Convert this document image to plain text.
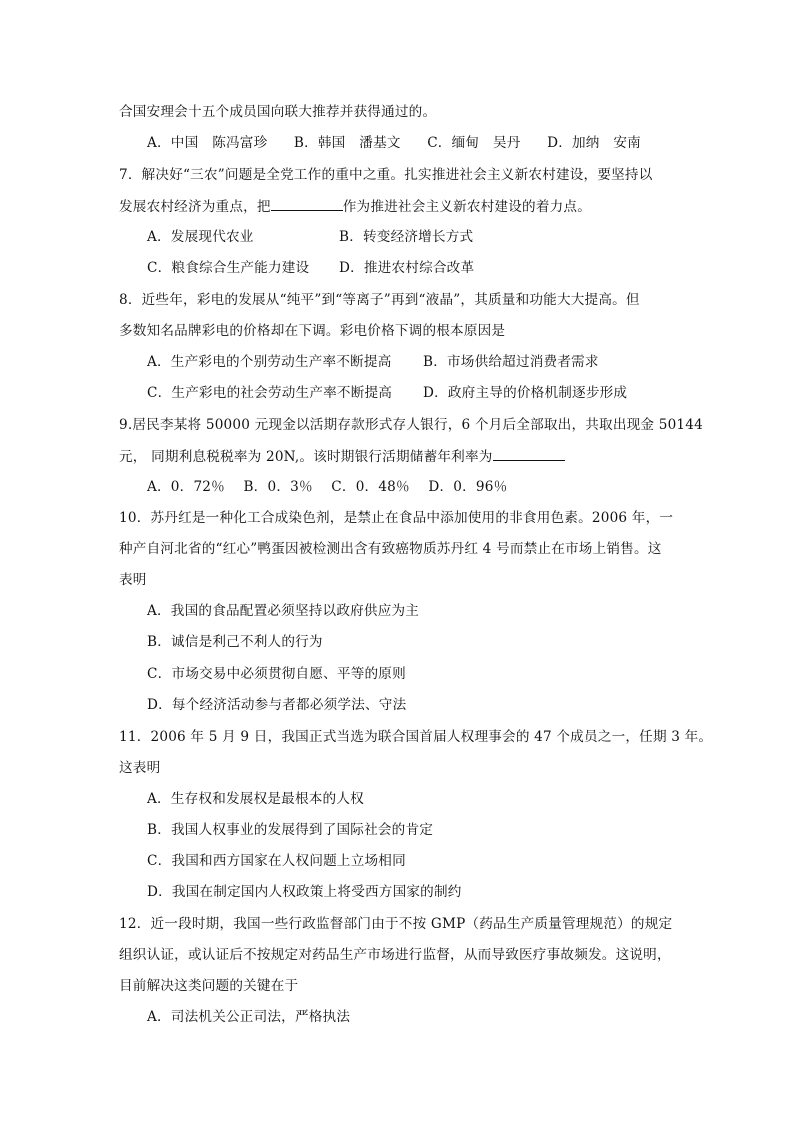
合国安理会十五个成员国向联大推荐并获得通过的。
A．中国　陈冯富珍 B．韩国　潘基文 C．缅甸　吴丹 D．加纳　安南
7．解决好“三农”问题是全党工作的重中之重。扎实推进社会主义新农村建设，要坚持以
发展农村经济为重点，把	作为推进社会主义新农村建设的着力点。
A．发展现代农业	B．转变经济增长方式
C．粮食综合生产能力建设 D．推进农村综合改革
8．近些年，彩电的发展从“纯平”到“等离子”再到“液晶”，其质量和功能大大提高。但
多数知名品牌彩电的价格却在下调。彩电价格下调的根本原因是
A．生产彩电的个别劳动生产率不断提高 B．市场供给超过消费者需求
C．生产彩电的社会劳动生产率不断提高 D．政府主导的价格机制逐步形成
9.居民李某将 50000 元现金以活期存款形式存人银行，6 个月后全部取出，共取出现金 50144
元， 同期利息税税率为 20N,。该时期银行活期储蓄年利率为
A．0．72％ B．0．3％ C．0．48％ D．0．96％
10．苏丹红是一种化工合成染色剂，是禁止在食品中添加使用的非食用色素。2006 年，一
种产自河北省的“红心”鸭蛋因被检测出含有致癌物质苏丹红 4 号而禁止在市场上销售。这
表明
A．我国的食品配置必须坚持以政府供应为主
B．诚信是利己不利人的行为
C．市场交易中必须贯彻自愿、平等的原则
D．每个经济活动参与者都必须学法、守法
11．2006 年 5 月 9 日，我国正式当选为联合国首届人权理事会的 47 个成员之一，任期 3 年。
这表明
A．生存权和发展权是最根本的人权
B．我国人权事业的发展得到了国际社会的肯定
C．我国和西方国家在人权问题上立场相同
D．我国在制定国内人权政策上将受西方国家的制约
12．近一段时期，我国一些行政监督部门由于不按 GMP（药品生产质量管理规范）的规定
组织认证，或认证后不按规定对药品生产市场进行监督，从而导致医疗事故频发。这说明，
目前解决这类问题的关键在于
A．司法机关公正司法，严格执法
